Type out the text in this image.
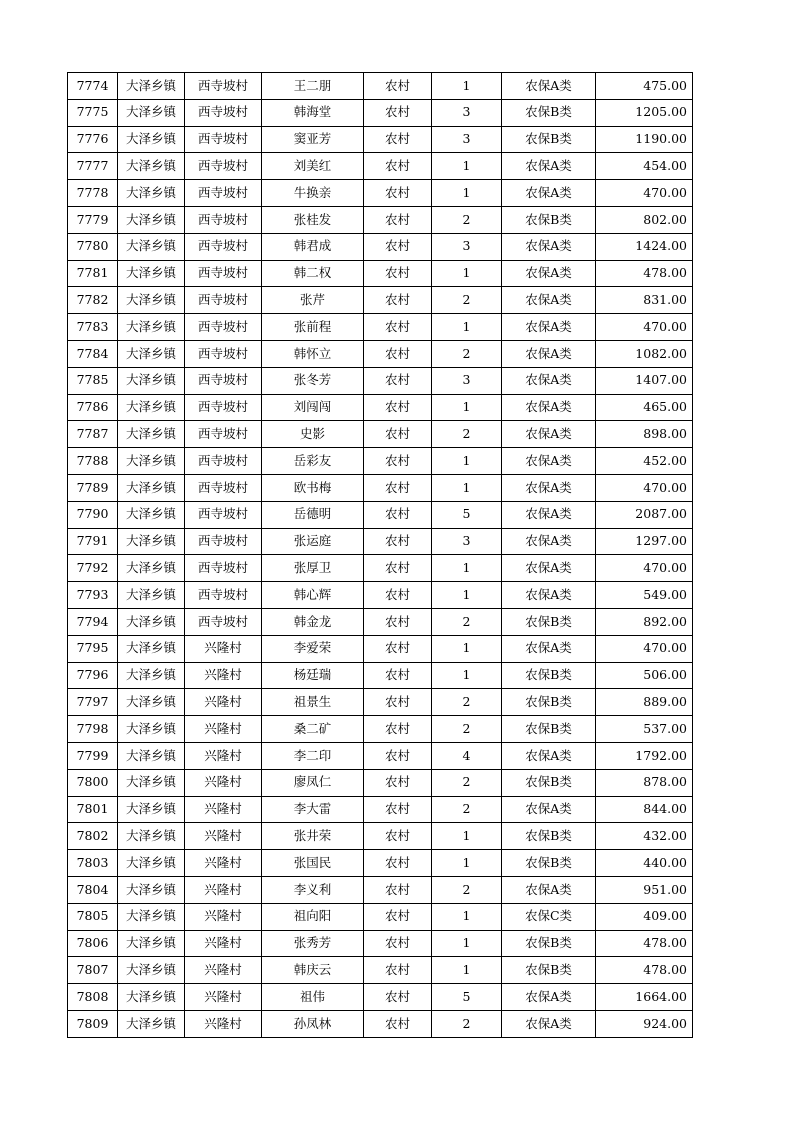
7774	大泽乡镇	西寺坡村	王二朋	农村	1	农保A类	475.00
7775	大泽乡镇	西寺坡村	韩海堂	农村	3	农保B类	1205.00
7776	大泽乡镇	西寺坡村	窦亚芳	农村	3	农保B类	1190.00
7777	大泽乡镇	西寺坡村	刘美红	农村	1	农保A类	454.00
7778	大泽乡镇	西寺坡村	牛换亲	农村	1	农保A类	470.00
7779	大泽乡镇	西寺坡村	张桂发	农村	2	农保B类	802.00
7780	大泽乡镇	西寺坡村	韩君成	农村	3	农保A类	1424.00
7781	大泽乡镇	西寺坡村	韩二权	农村	1	农保A类	478.00
7782	大泽乡镇	西寺坡村	张芹	农村	2	农保A类	831.00
7783	大泽乡镇	西寺坡村	张前程	农村	1	农保A类	470.00
7784	大泽乡镇	西寺坡村	韩怀立	农村	2	农保A类	1082.00
7785	大泽乡镇	西寺坡村	张冬芳	农村	3	农保A类	1407.00
7786	大泽乡镇	西寺坡村	刘闯闯	农村	1	农保A类	465.00
7787	大泽乡镇	西寺坡村	史影	农村	2	农保A类	898.00
7788	大泽乡镇	西寺坡村	岳彩友	农村	1	农保A类	452.00
7789	大泽乡镇	西寺坡村	欧书梅	农村	1	农保A类	470.00
7790	大泽乡镇	西寺坡村	岳德明	农村	5	农保A类	2087.00
7791	大泽乡镇	西寺坡村	张运庭	农村	3	农保A类	1297.00
7792	大泽乡镇	西寺坡村	张厚卫	农村	1	农保A类	470.00
7793	大泽乡镇	西寺坡村	韩心辉	农村	1	农保A类	549.00
7794	大泽乡镇	西寺坡村	韩金龙	农村	2	农保B类	892.00
7795	大泽乡镇	兴隆村	李爱荣	农村	1	农保A类	470.00
7796	大泽乡镇	兴隆村	杨廷瑞	农村	1	农保B类	506.00
7797	大泽乡镇	兴隆村	祖景生	农村	2	农保B类	889.00
7798	大泽乡镇	兴隆村	桑二矿	农村	2	农保B类	537.00
7799	大泽乡镇	兴隆村	李二印	农村	4	农保A类	1792.00
7800	大泽乡镇	兴隆村	廖凤仁	农村	2	农保B类	878.00
7801	大泽乡镇	兴隆村	李大雷	农村	2	农保A类	844.00
7802	大泽乡镇	兴隆村	张井荣	农村	1	农保B类	432.00
7803	大泽乡镇	兴隆村	张国民	农村	1	农保B类	440.00
7804	大泽乡镇	兴隆村	李义利	农村	2	农保A类	951.00
7805	大泽乡镇	兴隆村	祖向阳	农村	1	农保C类	409.00
7806	大泽乡镇	兴隆村	张秀芳	农村	1	农保B类	478.00
7807	大泽乡镇	兴隆村	韩庆云	农村	1	农保B类	478.00
7808	大泽乡镇	兴隆村	祖伟	农村	5	农保A类	1664.00
7809	大泽乡镇	兴隆村	孙凤林	农村	2	农保A类	924.00
